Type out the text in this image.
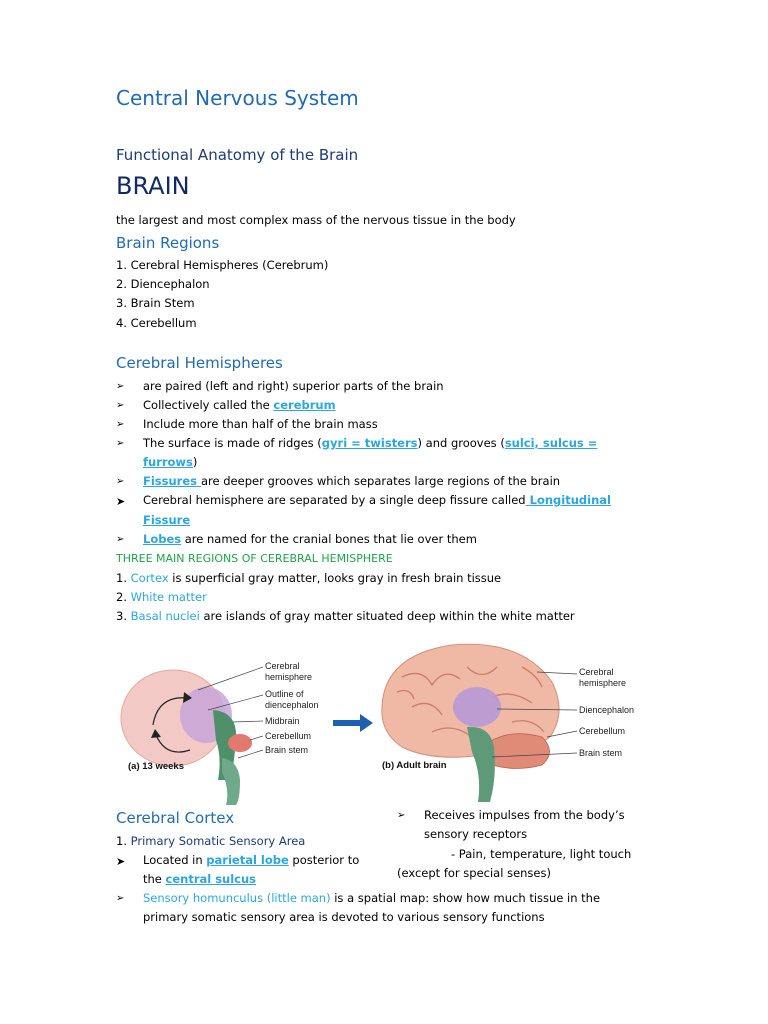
Central Nervous System
Functional Anatomy of the Brain
BRAIN
the largest and most complex mass of the nervous tissue in the body
Brain Regions
1. Cerebral Hemispheres (Cerebrum)
2. Diencephalon
3. Brain Stem
4. Cerebellum
Cerebral Hemispheres
➢ are paired (left and right) superior parts of the brain
➢ Collectively called the cerebrum
➢ Include more than half of the brain mass
➢ The surface is made of ridges (gyri = twisters) and grooves (sulci, sulcus =
furrows)
➢ Fissures are deeper grooves which separates large regions of the brain
➤ Cerebral hemisphere are separated by a single deep fissure called Longitudinal
Fissure
➢ Lobes are named for the cranial bones that lie over them
THREE MAIN REGIONS OF CEREBRAL HEMISPHERE
1. Cortex is superficial gray matter, looks gray in fresh brain tissue
2. White matter
3. Basal nuclei are islands of gray matter situated deep within the white matter
Cerebral
hemisphere
Outline of
diencephalon
Midbrain
Cerebellum
Brain stem
(a) 13 weeks
Cerebral
hemisphere
Diencephalon
Cerebellum
Brain stem
(b) Adult brain
Cerebral Cortex
1. Primary Somatic Sensory Area
➤ Located in parietal lobe posterior to
the central sulcus
➢ Sensory homunculus (little man) is a spatial map: show how much tissue in the
primary somatic sensory area is devoted to various sensory functions
➢ Receives impulses from the body’s
sensory receptors
- Pain, temperature, light touch
(except for special senses)
